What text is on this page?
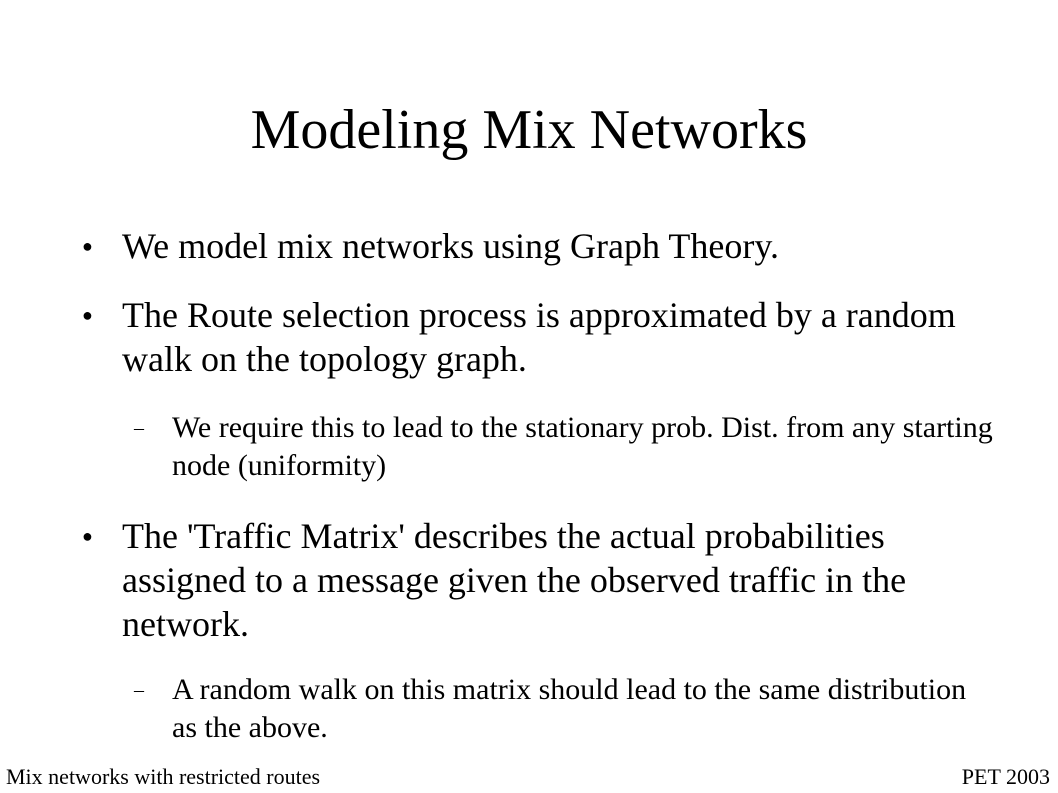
Modeling Mix Networks
● We model mix networks using Graph Theory.
● The Route selection process is approximated by a random walk on the topology graph.
– We require this to lead to the stationary prob. Dist. from any starting node (uniformity)
● The 'Traffic Matrix' describes the actual probabilities assigned to a message given the observed traffic in the network.
– A random walk on this matrix should lead to the same distribution as the above.
Mix networks with restricted routes	PET 2003
